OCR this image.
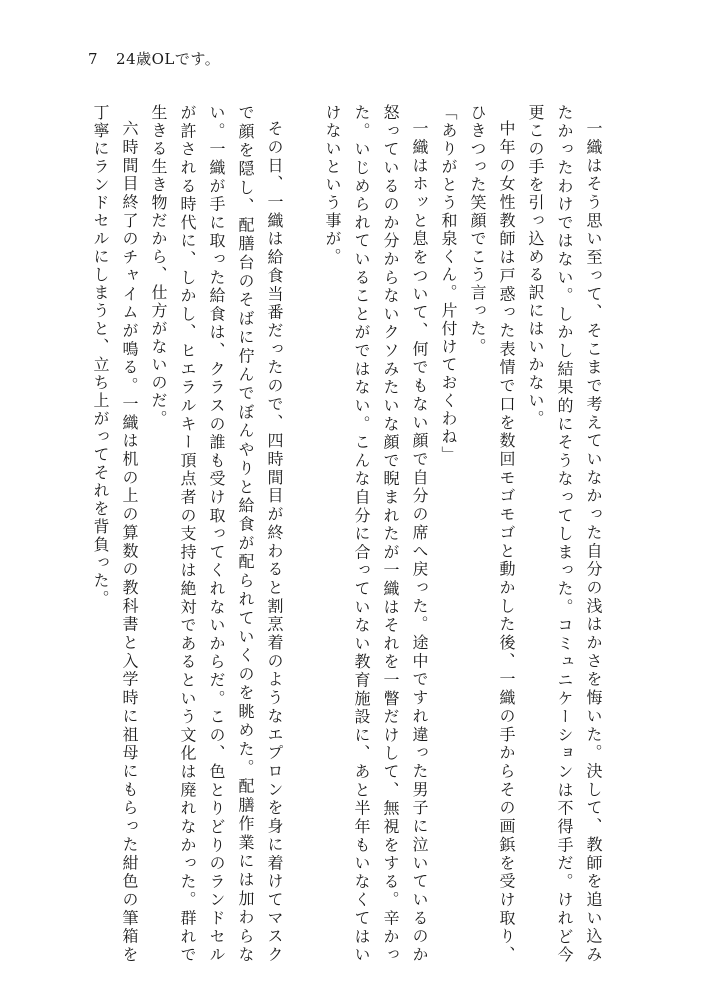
7 24歳OLです。

一織はそう思い至って、そこまで考えていなかった自分の浅はかさを悔いた。決して、教師を追い込みたかったわけではない。しかし結果的にそうなってしまった。コミュニケーションは不得手だ。けれど今更この手を引っ込める訳にはいかない。

中年の女性教師は戸惑った表情で口を数回モゴモゴと動かした後、一織の手からその画鋲を受け取り、ひきつった笑顔でこう言った。

「ありがとう和泉くん。片付けておくわね」

一織はホッと息をついて、何でもない顔で自分の席へ戻った。途中ですれ違った男子に泣いているのか怒っているのか分からないクソみたいな顔で睨まれたが一織はそれを一瞥だけして、無視をする。辛かった。いじめられていることがではない。こんな自分に合っていない教育施設に、あと半年もいなくてはいけないという事が。

その日、一織は給食当番だったので、四時間目が終わると割烹着のようなエプロンを身に着けてマスクで顔を隠し、配膳台のそばに佇んでぼんやりと給食が配られていくのを眺めた。配膳作業には加わらない。一織が手に取った給食は、クラスの誰も受け取ってくれないからだ。この、色とりどりのランドセルが許される時代に、しかし、ヒエラルキー頂点者の支持は絶対であるという文化は廃れなかった。群れで生きる生き物だから、仕方がないのだ。

六時間目終了のチャイムが鳴る。一織は机の上の算数の教科書と入学時に祖母にもらった紺色の筆箱を丁寧にランドセルにしまうと、立ち上がってそれを背負った。
